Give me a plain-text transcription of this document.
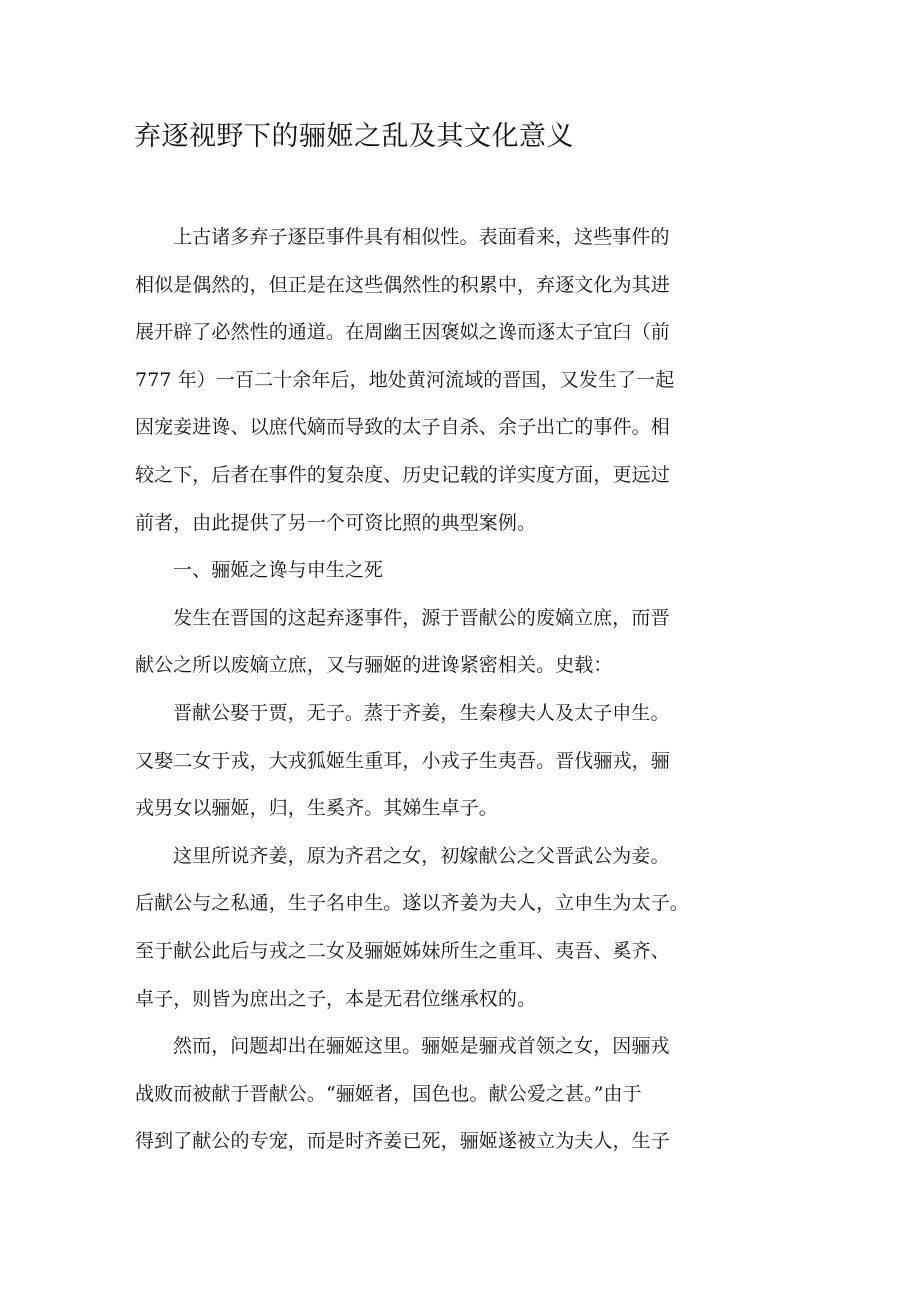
弃逐视野下的骊姬之乱及其文化意义
上古诸多弃子逐臣事件具有相似性。表面看来，这些事件的
相似是偶然的，但正是在这些偶然性的积累中，弃逐文化为其进
展开辟了必然性的通道。在周幽王因褒姒之谗而逐太子宜臼（前
777 年）一百二十余年后，地处黄河流域的晋国，又发生了一起
因宠妾进谗、以庶代嫡而导致的太子自杀、余子出亡的事件。相
较之下，后者在事件的复杂度、历史记载的详实度方面，更远过
前者，由此提供了另一个可资比照的典型案例。
一、骊姬之谗与申生之死
发生在晋国的这起弃逐事件，源于晋献公的废嫡立庶，而晋
献公之所以废嫡立庶，又与骊姬的进谗紧密相关。史载：
晋献公娶于贾，无子。蒸于齐姜，生秦穆夫人及太子申生。
又娶二女于戎，大戎狐姬生重耳，小戎子生夷吾。晋伐骊戎，骊
戎男女以骊姬，归，生奚齐。其娣生卓子。
这里所说齐姜，原为齐君之女，初嫁献公之父晋武公为妾。
后献公与之私通，生子名申生。遂以齐姜为夫人，立申生为太子。
至于献公此后与戎之二女及骊姬姊妹所生之重耳、夷吾、奚齐、
卓子，则皆为庶出之子，本是无君位继承权的。
然而，问题却出在骊姬这里。骊姬是骊戎首领之女，因骊戎
战败而被献于晋献公。“骊姬者，国色也。献公爱之甚。”由于
得到了献公的专宠，而是时齐姜已死，骊姬遂被立为夫人，生子
